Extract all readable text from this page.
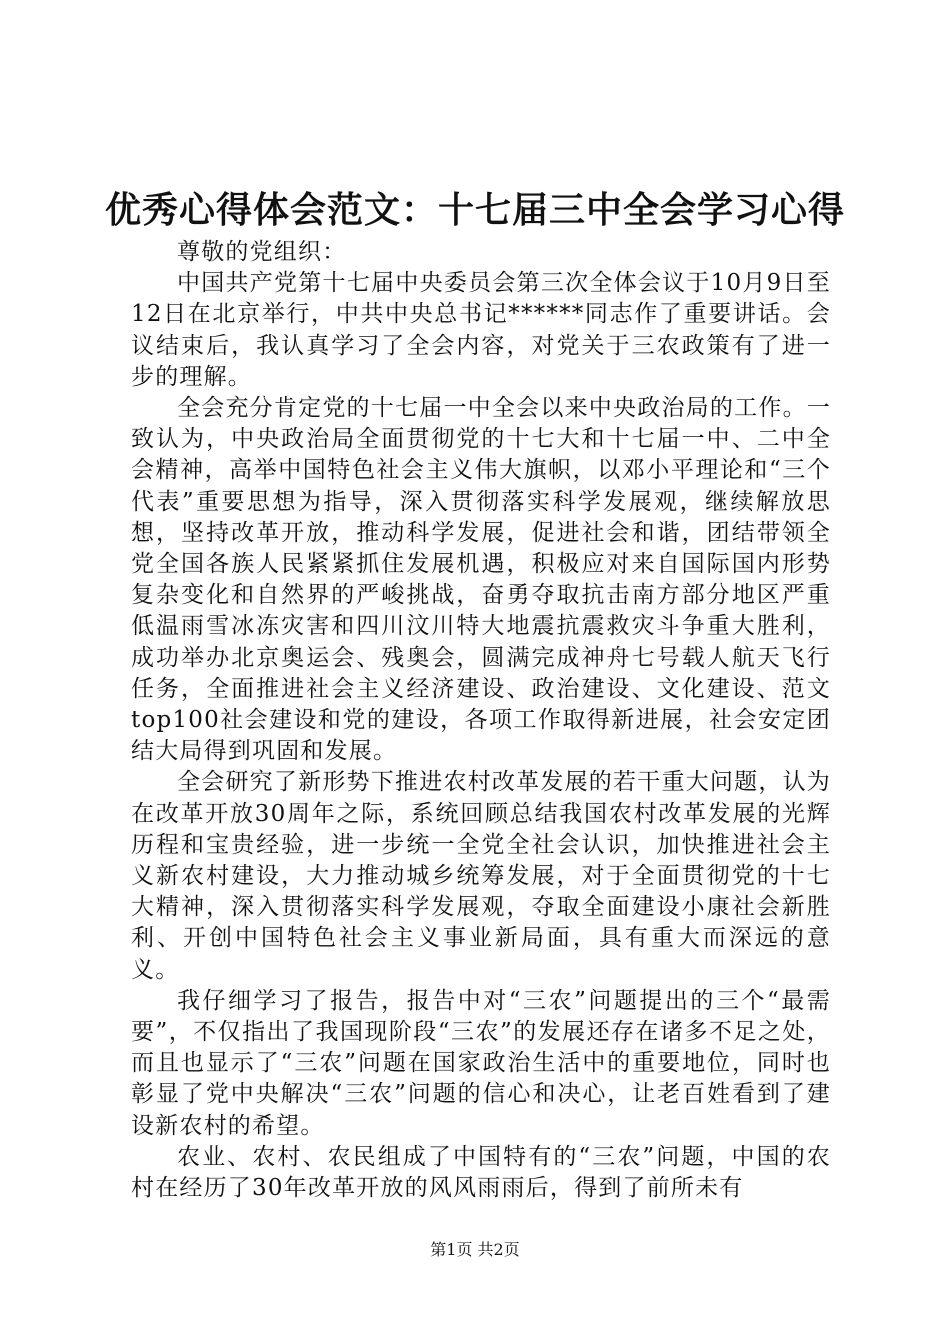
优秀心得体会范文：十七届三中全会学习心得

尊敬的党组织：

中国共产党第十七届中央委员会第三次全体会议于10月9日至12日在北京举行，中共中央总书记******同志作了重要讲话。会议结束后，我认真学习了全会内容，对党关于三农政策有了进一步的理解。

全会充分肯定党的十七届一中全会以来中央政治局的工作。一致认为，中央政治局全面贯彻党的十七大和十七届一中、二中全会精神，高举中国特色社会主义伟大旗帜，以邓小平理论和“三个代表”重要思想为指导，深入贯彻落实科学发展观，继续解放思想，坚持改革开放，推动科学发展，促进社会和谐，团结带领全党全国各族人民紧紧抓住发展机遇，积极应对来自国际国内形势复杂变化和自然界的严峻挑战，奋勇夺取抗击南方部分地区严重低温雨雪冰冻灾害和四川汶川特大地震抗震救灾斗争重大胜利，成功举办北京奥运会、残奥会，圆满完成神舟七号载人航天飞行任务，全面推进社会主义经济建设、政治建设、文化建设、范文top100社会建设和党的建设，各项工作取得新进展，社会安定团结大局得到巩固和发展。

全会研究了新形势下推进农村改革发展的若干重大问题，认为在改革开放30周年之际，系统回顾总结我国农村改革发展的光辉历程和宝贵经验，进一步统一全党全社会认识，加快推进社会主义新农村建设，大力推动城乡统筹发展，对于全面贯彻党的十七大精神，深入贯彻落实科学发展观，夺取全面建设小康社会新胜利、开创中国特色社会主义事业新局面，具有重大而深远的意义。

我仔细学习了报告，报告中对“三农”问题提出的三个“最需要”，不仅指出了我国现阶段“三农”的发展还存在诸多不足之处，而且也显示了“三农”问题在国家政治生活中的重要地位，同时也彰显了党中央解决“三农”问题的信心和决心，让老百姓看到了建设新农村的希望。

农业、农村、农民组成了中国特有的“三农”问题，中国的农村在经历了30年改革开放的风风雨雨后，得到了前所未有

第1页 共2页
